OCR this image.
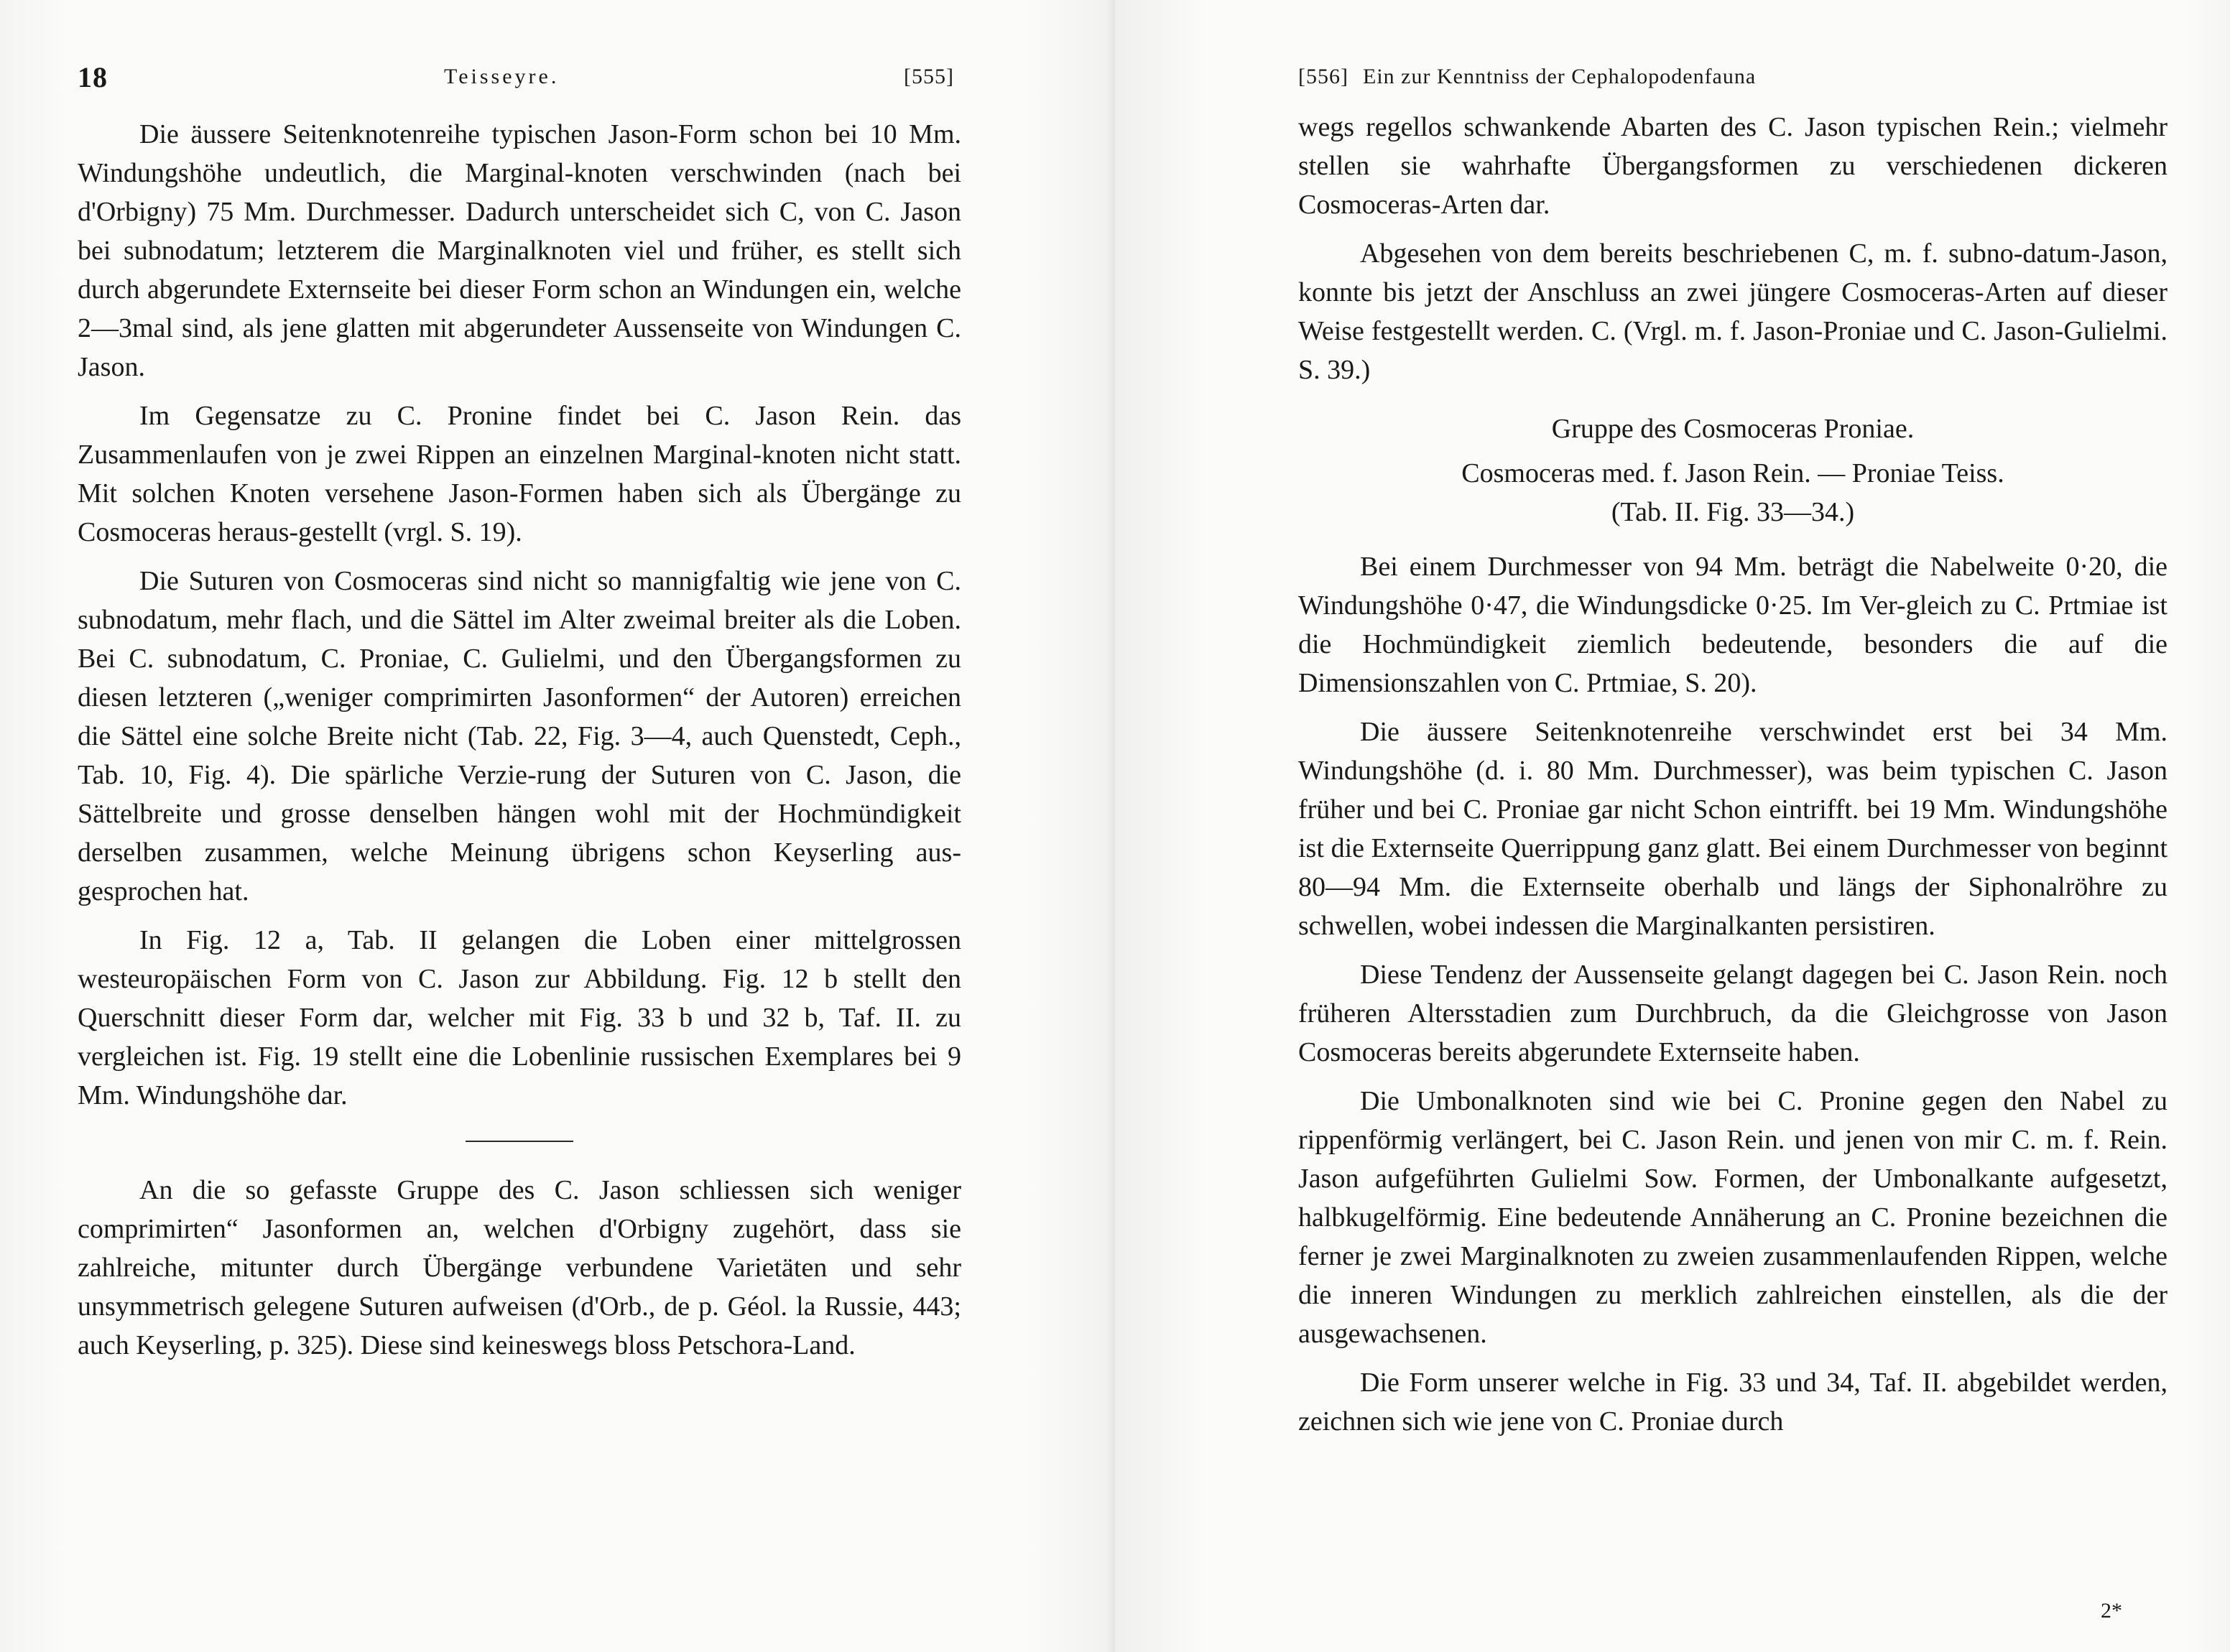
18	Teisseyre.	[555]

Die äussere Seitenknotenreihe typischen Jason-Form schon bei 10 Mm. Windungshöhe undeutlich, die Marginal-knoten verschwinden (nach bei d'Orbigny) 75 Mm. Durchmesser. Dadurch unterscheidet sich C, von C. Jason bei subnodatum; letzterem die Marginalknoten viel und früher, es stellt sich durch abgerundete Externseite bei dieser Form schon an Windungen ein, welche 2—3mal sind, als jene glatten mit abgerundeter Aussenseite von Windungen C. Jason.

Im Gegensatze zu C. Pronine findet bei C. Jason Rein. das Zusammenlaufen von je zwei Rippen an einzelnen Marginal-knoten nicht statt. Mit solchen Knoten versehene Jason-Formen haben sich als Übergänge zu Cosmoceras heraus-gestellt (vrgl. S. 19).

Die Suturen von Cosmoceras sind nicht so mannigfaltig wie jene von C. subnodatum, mehr flach, und die Sättel im Alter zweimal breiter als die Loben. Bei C. subnodatum, C. Proniae, C. Gulielmi, und den Übergangsformen zu diesen letzteren („weniger comprimirten Jasonformen“ der Autoren) erreichen die Sättel eine solche Breite nicht (Tab. 22, Fig. 3—4, auch Quenstedt, Ceph., Tab. 10, Fig. 4). Die spärliche Verzie-rung der Suturen von C. Jason, die Sättelbreite und grosse denselben hängen wohl mit der Hochmündigkeit derselben zusammen, welche Meinung übrigens schon Keyserling aus-gesprochen hat.

In Fig. 12 a, Tab. II gelangen die Loben einer mittelgrossen westeuropäischen Form von C. Jason zur Abbildung. Fig. 12 b stellt den Querschnitt dieser Form dar, welcher mit Fig. 33 b und 32 b, Taf. II. zu vergleichen ist. Fig. 19 stellt eine die Lobenlinie russischen Exemplares bei 9 Mm. Windungshöhe dar.

An die so gefasste Gruppe des C. Jason schliessen sich weniger comprimirten“ Jasonformen an, welchen d'Orbigny zugehört, dass sie zahlreiche, mitunter durch Übergänge verbundene Varietäten und sehr unsymmetrisch gelegene Suturen aufweisen (d'Orb., de p. Géol. la Russie, 443; auch Keyserling, p. 325). Diese sind keineswegs bloss Petschora-Land.

[556] Ein zur Kenntniss der Cephalopodenfauna

wegs regellos schwankende Abarten des C. Jason typischen Rein.; vielmehr stellen sie wahrhafte Übergangsformen zu verschiedenen dickeren Cosmoceras-Arten dar.

Abgesehen von dem bereits beschriebenen C, m. f. subno-datum-Jason, konnte bis jetzt der Anschluss an zwei jüngere Cosmoceras-Arten auf dieser Weise festgestellt werden. C. (Vrgl. m. f. Jason-Proniae und C. Jason-Gulielmi. S. 39.)

Gruppe des Cosmoceras Proniae.

Cosmoceras med. f. Jason Rein. — Proniae Teiss.

(Tab. II. Fig. 33—34.)

Bei einem Durchmesser von 94 Mm. beträgt die Nabelweite 0·20, die Windungshöhe 0·47, die Windungsdicke 0·25. Im Ver-gleich zu C. Prtmiae ist die Hochmündigkeit ziemlich bedeutende, besonders die auf die Dimensionszahlen von C. Prtmiae, S. 20).

Die äussere Seitenknotenreihe verschwindet erst bei 34 Mm. Windungshöhe (d. i. 80 Mm. Durchmesser), was beim typischen C. Jason früher und bei C. Proniae gar nicht Schon eintrifft. bei 19 Mm. Windungshöhe ist die Externseite Querrippung ganz glatt. Bei einem Durchmesser von beginnt 80—94 Mm. die Externseite oberhalb und längs der Siphonalröhre zu schwellen, wobei indessen die Marginalkanten persistiren.

Diese Tendenz der Aussenseite gelangt dagegen bei C. Jason Rein. noch früheren Altersstadien zum Durchbruch, da die Gleichgrosse von Jason Cosmoceras bereits abgerundete Externseite haben.

Die Umbonalknoten sind wie bei C. Pronine gegen den Nabel zu rippenförmig verlängert, bei C. Jason Rein. und jenen von mir C. m. f. Rein. Jason aufgeführten Gulielmi Sow. Formen, der Umbonalkante aufgesetzt, halbkugelförmig. Eine bedeutende Annäherung an C. Pronine bezeichnen die ferner je zwei Marginalknoten zu zweien zusammenlaufenden Rippen, welche die inneren Windungen zu merklich zahlreichen einstellen, als die der ausgewachsenen.

Die Form unserer welche in Fig. 33 und 34, Taf. II. abgebildet werden, zeichnen sich wie jene von C. Proniae durch

2*
